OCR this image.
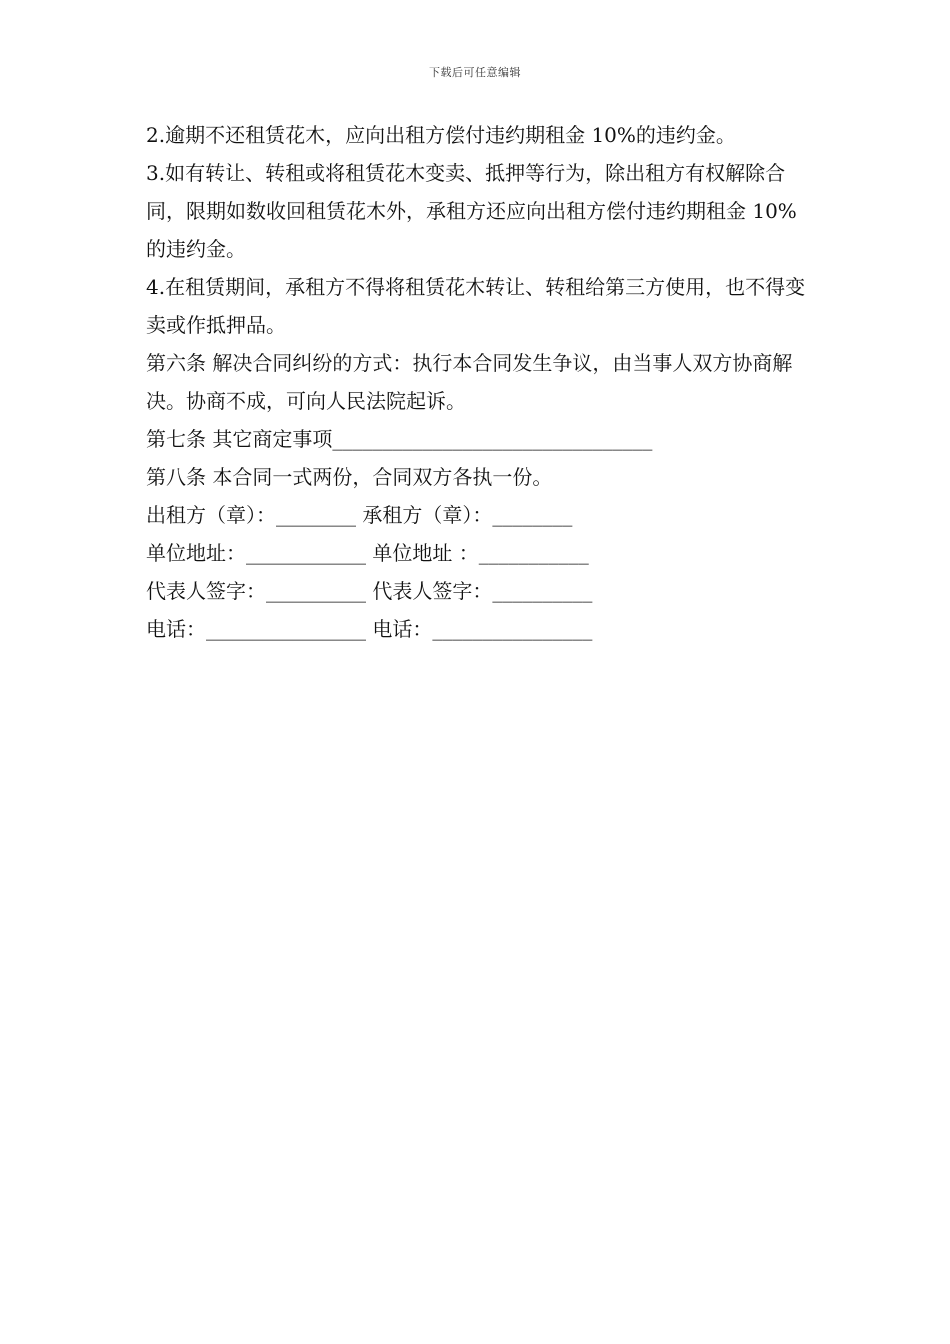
下载后可任意编辑

2.逾期不还租赁花木，应向出租方偿付违约期租金 10%的违约金。

3.如有转让、转租或将租赁花木变卖、抵押等行为，除出租方有权解除合同，限期如数收回租赁花木外，承租方还应向出租方偿付违约期租金 10%的违约金。

4.在租赁期间，承租方不得将租赁花木转让、转租给第三方使用，也不得变卖或作抵押品。

第六条 解决合同纠纷的方式：执行本合同发生争议，由当事人双方协商解决。协商不成，可向人民法院起诉。

第七条 其它商定事项________________________________

第八条 本合同一式两份，合同双方各执一份。

出租方（章）：________ 承租方（章）：________

单位地址：____________ 单位地址 ：___________

代表人签字：__________ 代表人签字：__________

电话：________________ 电话：________________
